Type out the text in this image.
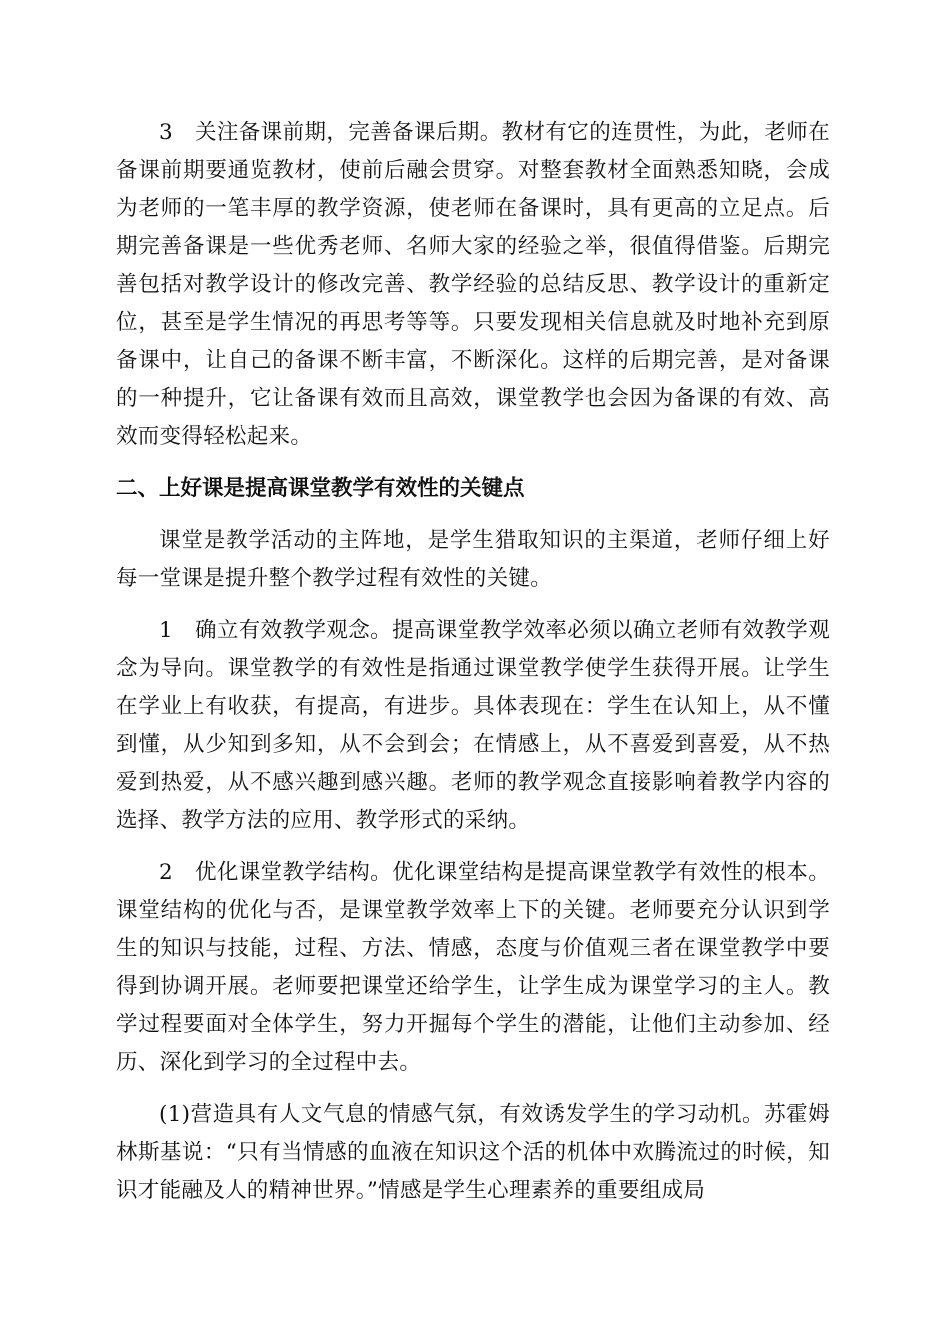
3　关注备课前期，完善备课后期。教材有它的连贯性，为此，老师在备课前期要通览教材，使前后融会贯穿。对整套教材全面熟悉知晓，会成为老师的一笔丰厚的教学资源，使老师在备课时，具有更高的立足点。后期完善备课是一些优秀老师、名师大家的经验之举，很值得借鉴。后期完善包括对教学设计的修改完善、教学经验的总结反思、教学设计的重新定位，甚至是学生情况的再思考等等。只要发现相关信息就及时地补充到原备课中，让自己的备课不断丰富，不断深化。这样的后期完善，是对备课的一种提升，它让备课有效而且高效，课堂教学也会因为备课的有效、高效而变得轻松起来。

二、上好课是提高课堂教学有效性的关键点

课堂是教学活动的主阵地，是学生猎取知识的主渠道，老师仔细上好每一堂课是提升整个教学过程有效性的关键。

1　确立有效教学观念。提高课堂教学效率必须以确立老师有效教学观念为导向。课堂教学的有效性是指通过课堂教学使学生获得开展。让学生在学业上有收获，有提高，有进步。具体表现在：学生在认知上，从不懂到懂，从少知到多知，从不会到会；在情感上，从不喜爱到喜爱，从不热爱到热爱，从不感兴趣到感兴趣。老师的教学观念直接影响着教学内容的选择、教学方法的应用、教学形式的采纳。

2　优化课堂教学结构。优化课堂结构是提高课堂教学有效性的根本。课堂结构的优化与否，是课堂教学效率上下的关键。老师要充分认识到学生的知识与技能，过程、方法、情感，态度与价值观三者在课堂教学中要得到协调开展。老师要把课堂还给学生，让学生成为课堂学习的主人。教学过程要面对全体学生，努力开掘每个学生的潜能，让他们主动参加、经历、深化到学习的全过程中去。

(1)营造具有人文气息的情感气氛，有效诱发学生的学习动机。苏霍姆林斯基说：“只有当情感的血液在知识这个活的机体中欢腾流过的时候，知识才能融及人的精神世界。”情感是学生心理素养的重要组成局
